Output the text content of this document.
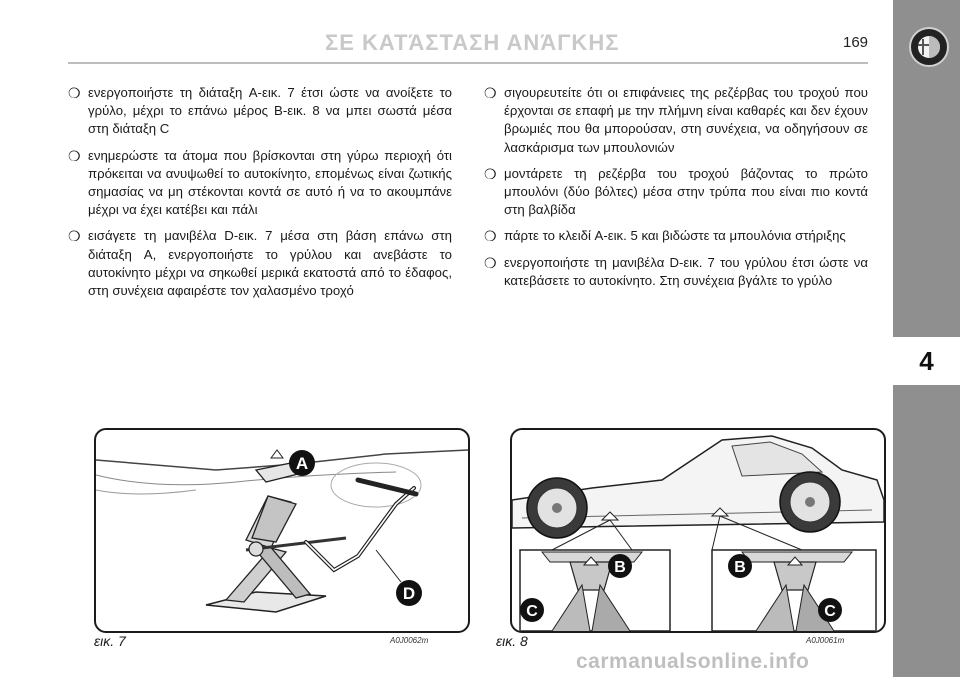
ΣΕ ΚΑΤΆΣΤΑΣΗ ΑΝΆΓΚΗΣ	169
4
❍ ενεργοποιήστε τη διάταξη A-εικ. 7 έτσι ώστε να ανοίξετε το γρύλο, μέχρι το επάνω μέρος B-εικ. 8 να μπει σωστά μέσα στη διάταξη C
❍ ενημερώστε τα άτομα που βρίσκονται στη γύρω περιοχή ότι πρόκειται να ανυψωθεί το αυτοκίνητο, επομένως είναι ζωτικής σημασίας να μη στέκονται κοντά σε αυτό ή να το ακουμπάνε μέχρι να έχει κατέβει και πάλι
❍ εισάγετε τη μανιβέλα D-εικ. 7 μέσα στη βάση επάνω στη διάταξη A, ενεργοποιήστε το γρύλου και ανεβάστε το αυτοκίνητο μέχρι να σηκωθεί μερικά εκατοστά από το έδαφος, στη συνέχεια αφαιρέστε τον χαλασμένο τροχό
❍ σιγουρευτείτε ότι οι επιφάνειες της ρεζέρβας του τροχού που έρχονται σε επαφή με την πλήμνη είναι καθαρές και δεν έχουν βρωμιές που θα μπορούσαν, στη συνέχεια, να οδηγήσουν σε λασκάρισμα των μπουλονιών
❍ μοντάρετε τη ρεζέρβα του τροχού βάζοντας το πρώτο μπουλόνι (δύο βόλτες) μέσα στην τρύπα που είναι πιο κοντά στη βαλβίδα
❍ πάρτε το κλειδί A-εικ. 5 και βιδώστε τα μπουλόνια στήριξης
❍ ενεργοποιήστε τη μανιβέλα D-εικ. 7 του γρύλου έτσι ώστε να κατεβάσετε το αυτοκίνητο. Στη συνέχεια βγάλτε το γρύλο
A
D
B
C
B
C
εικ. 7	A0J0062m	εικ. 8	A0J0061m
carmanualsonline.info
